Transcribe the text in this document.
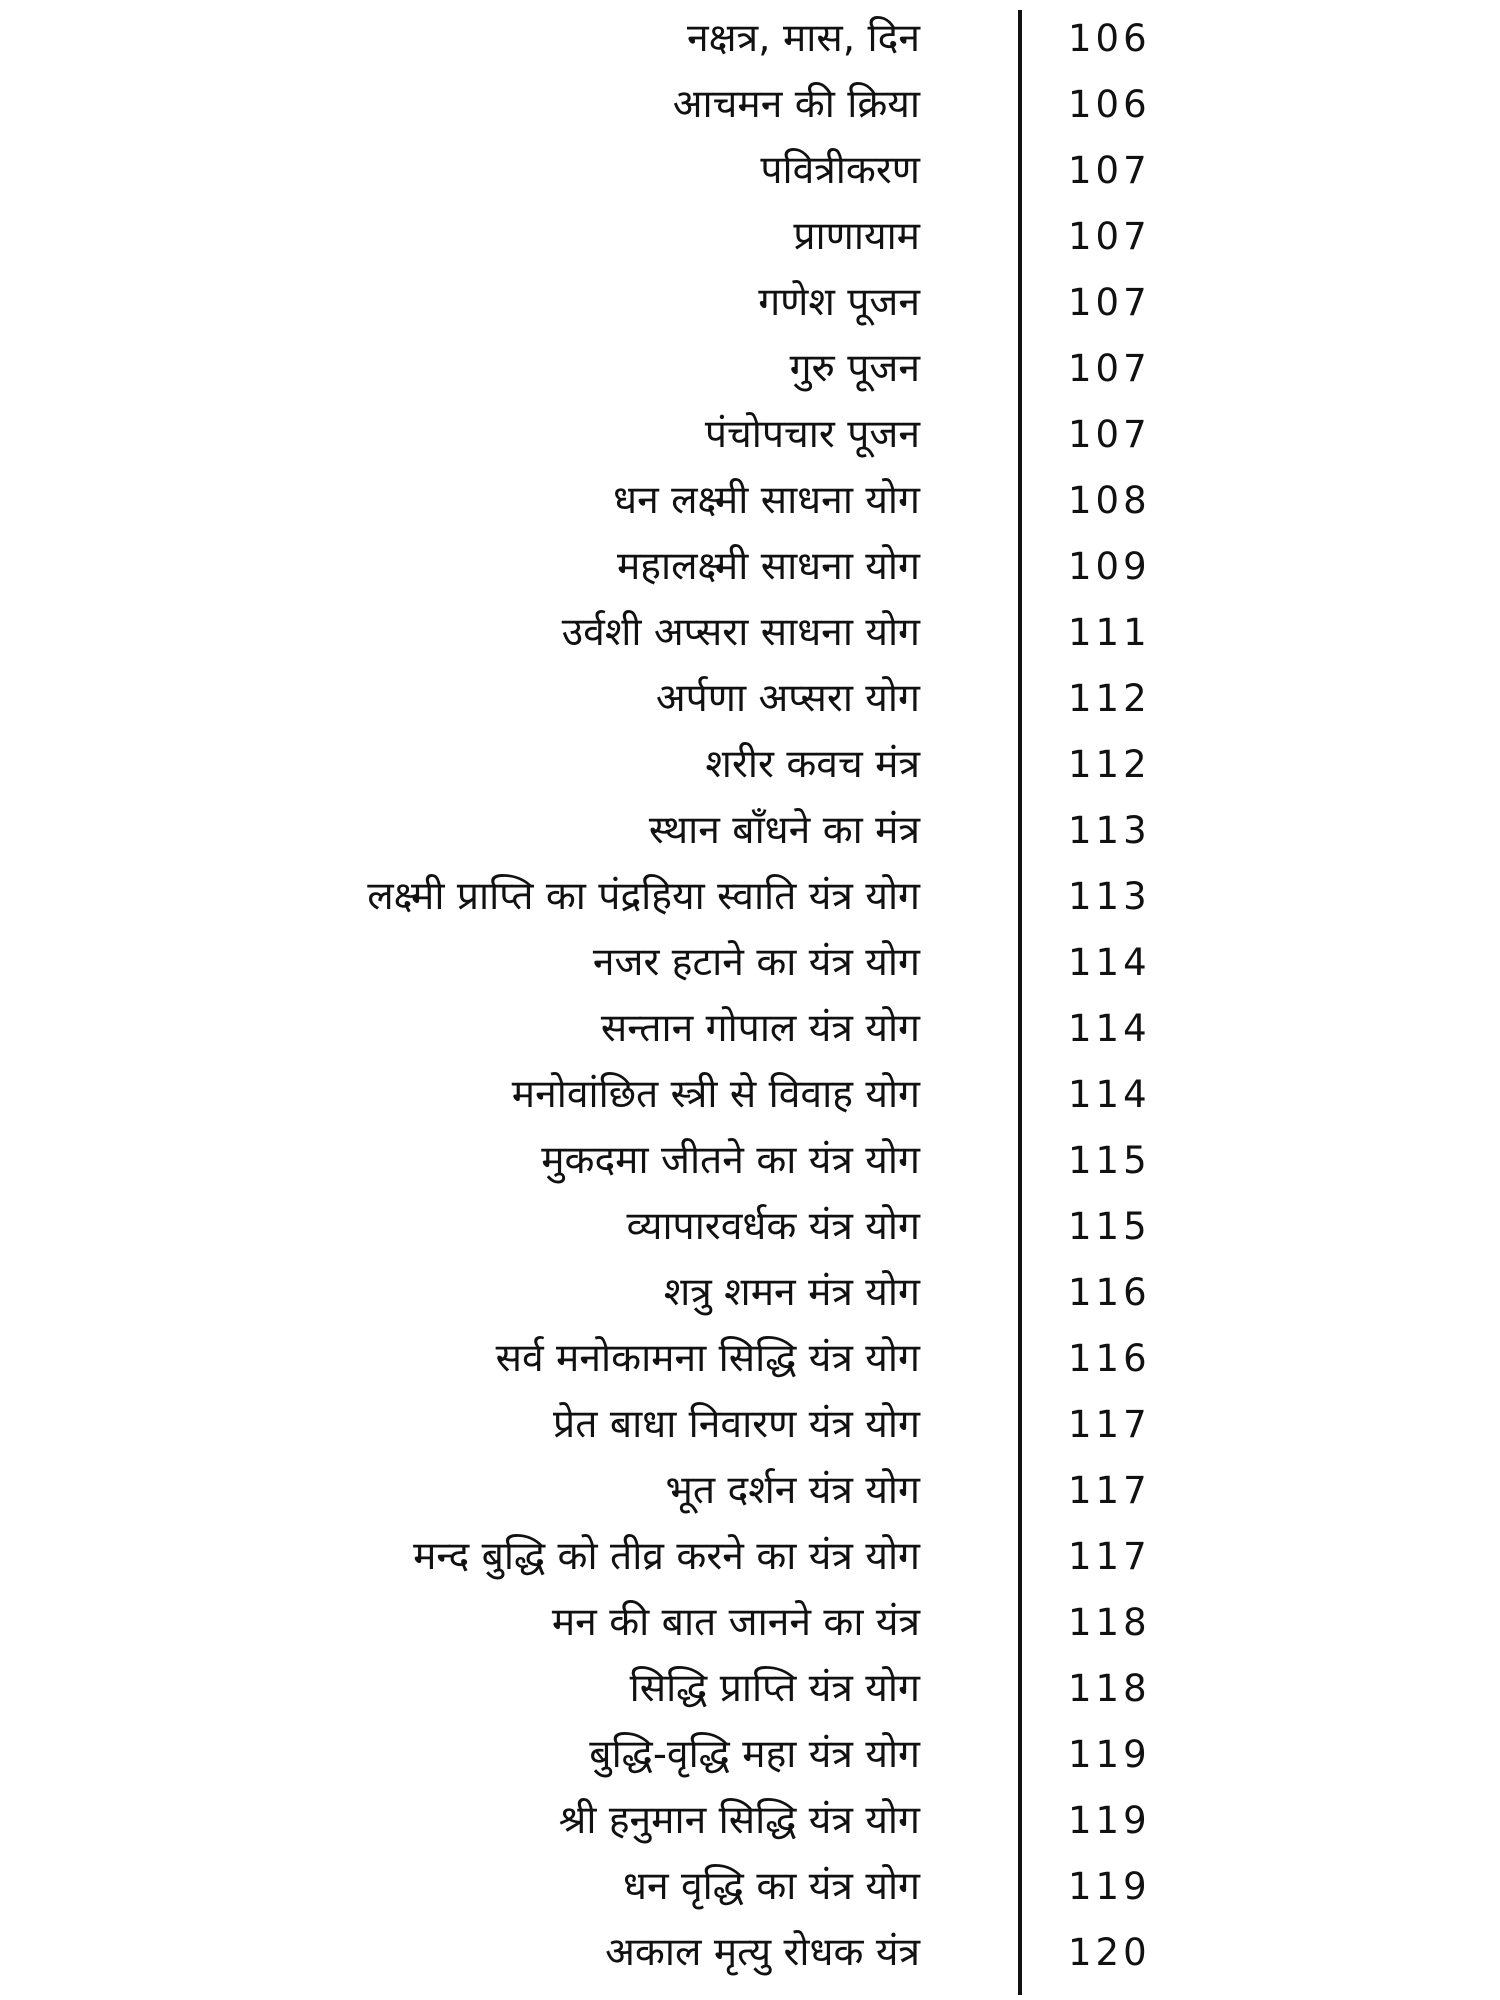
नक्षत्र, मास, दिन	106
आचमन की क्रिया	106
पवित्रीकरण	107
प्राणायाम	107
गणेश पूजन	107
गुरु पूजन	107
पंचोपचार पूजन	107
धन लक्ष्मी साधना योग	108
महालक्ष्मी साधना योग	109
उर्वशी अप्सरा साधना योग	111
अर्पणा अप्सरा योग	112
शरीर कवच मंत्र	112
स्थान बाँधने का मंत्र	113
लक्ष्मी प्राप्ति का पंद्रहिया स्वाति यंत्र योग	113
नजर हटाने का यंत्र योग	114
सन्तान गोपाल यंत्र योग	114
मनोवांछित स्त्री से विवाह योग	114
मुकदमा जीतने का यंत्र योग	115
व्यापारवर्धक यंत्र योग	115
शत्रु शमन मंत्र योग	116
सर्व मनोकामना सिद्धि यंत्र योग	116
प्रेत बाधा निवारण यंत्र योग	117
भूत दर्शन यंत्र योग	117
मन्द बुद्धि को तीव्र करने का यंत्र योग	117
मन की बात जानने का यंत्र	118
सिद्धि प्राप्ति यंत्र योग	118
बुद्धि-वृद्धि महा यंत्र योग	119
श्री हनुमान सिद्धि यंत्र योग	119
धन वृद्धि का यंत्र योग	119
अकाल मृत्यु रोधक यंत्र	120
